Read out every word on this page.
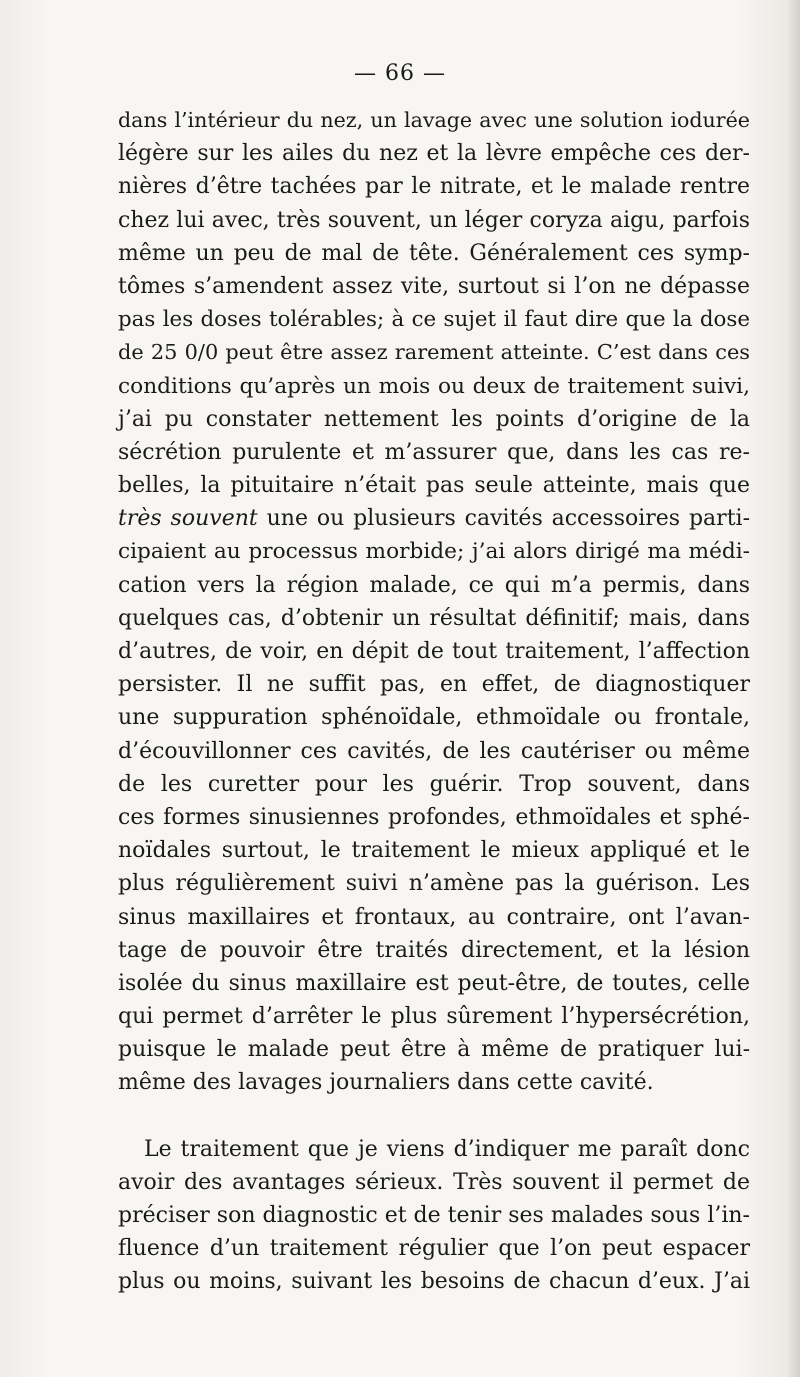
— 66 —
dans l’intérieur du nez, un lavage avec une solution iodurée
légère sur les ailes du nez et la lèvre empêche ces der-
nières d’être tachées par le nitrate, et le malade rentre
chez lui avec, très souvent, un léger coryza aigu, parfois
même un peu de mal de tête. Généralement ces symp-
tômes s’amendent assez vite, surtout si l’on ne dépasse
pas les doses tolérables; à ce sujet il faut dire que la dose
de 25 0/0 peut être assez rarement atteinte. C’est dans ces
conditions qu’après un mois ou deux de traitement suivi,
j’ai pu constater nettement les points d’origine de la
sécrétion purulente et m’assurer que, dans les cas re-
belles, la pituitaire n’était pas seule atteinte, mais que
très souvent une ou plusieurs cavités accessoires parti-
cipaient au processus morbide; j’ai alors dirigé ma médi-
cation vers la région malade, ce qui m’a permis, dans
quelques cas, d’obtenir un résultat définitif; mais, dans
d’autres, de voir, en dépit de tout traitement, l’affection
persister. Il ne suffit pas, en effet, de diagnostiquer
une suppuration sphénoïdale, ethmoïdale ou frontale,
d’écouvillonner ces cavités, de les cautériser ou même
de les curetter pour les guérir. Trop souvent, dans
ces formes sinusiennes profondes, ethmoïdales et sphé-
noïdales surtout, le traitement le mieux appliqué et le
plus régulièrement suivi n’amène pas la guérison. Les
sinus maxillaires et frontaux, au contraire, ont l’avan-
tage de pouvoir être traités directement, et la lésion
isolée du sinus maxillaire est peut-être, de toutes, celle
qui permet d’arrêter le plus sûrement l’hypersécrétion,
puisque le malade peut être à même de pratiquer lui-
même des lavages journaliers dans cette cavité.
Le traitement que je viens d’indiquer me paraît donc
avoir des avantages sérieux. Très souvent il permet de
préciser son diagnostic et de tenir ses malades sous l’in-
fluence d’un traitement régulier que l’on peut espacer
plus ou moins, suivant les besoins de chacun d’eux. J’ai
